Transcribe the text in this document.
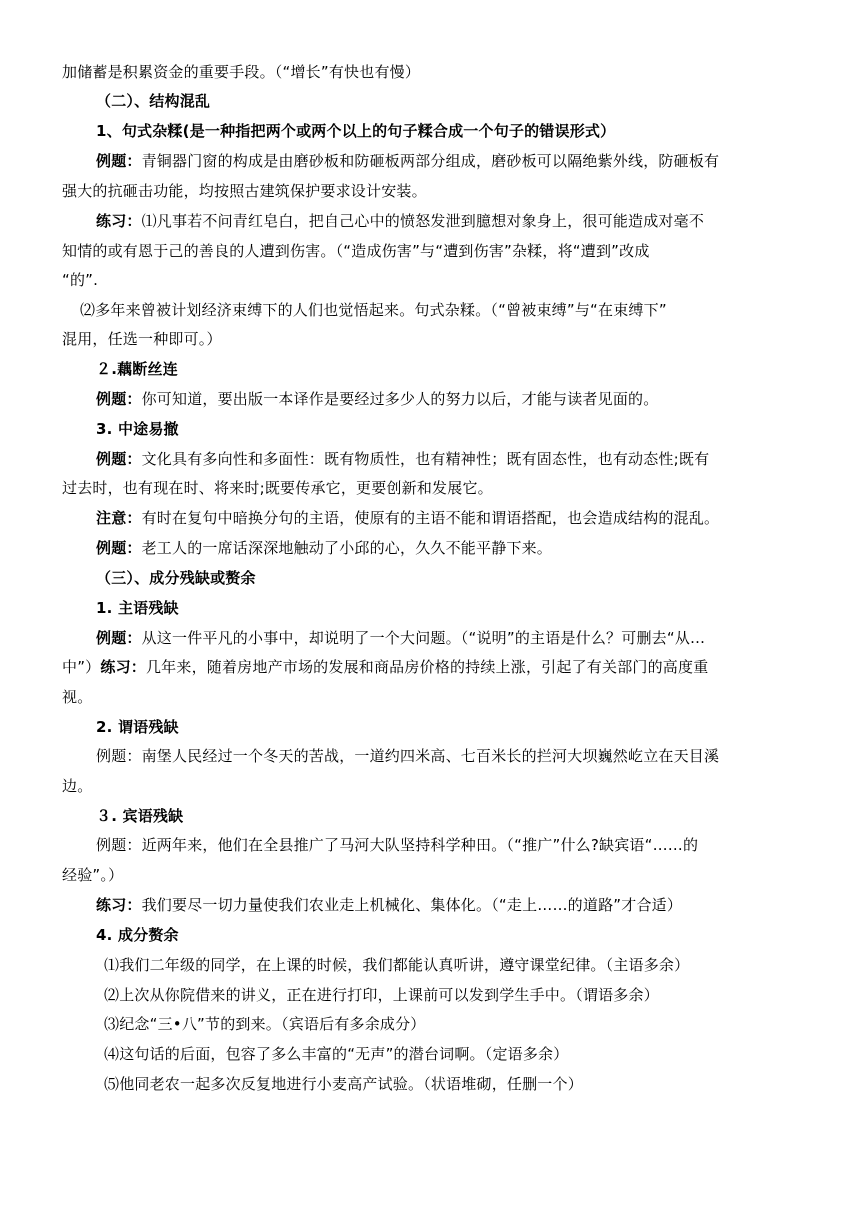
加储蓄是积累资金的重要手段。（“增长”有快也有慢）
（二）、结构混乱
1、句式杂糅(是一种指把两个或两个以上的句子糅合成一个句子的错误形式）
例题：青铜器门窗的构成是由磨砂板和防砸板两部分组成，磨砂板可以隔绝紫外线，防砸板有
强大的抗砸击功能，均按照古建筑保护要求设计安装。
练习：⑴凡事若不问青红皂白，把自己心中的愤怒发泄到臆想对象身上，很可能造成对毫不
知情的或有恩于己的善良的人遭到伤害。（“造成伤害”与“遭到伤害”杂糅，将“遭到”改成
“的”.
⑵多年来曾被计划经济束缚下的人们也觉悟起来。句式杂糅。（“曾被束缚”与“在束缚下”
混用，任选一种即可。）
２.藕断丝连
例题：你可知道，要出版一本译作是要经过多少人的努力以后，才能与读者见面的。
3. 中途易撤
例题：文化具有多向性和多面性：既有物质性，也有精神性；既有固态性，也有动态性;既有
过去时，也有现在时、将来时;既要传承它，更要创新和发展它。
注意：有时在复句中暗换分句的主语，使原有的主语不能和谓语搭配，也会造成结构的混乱。
例题：老工人的一席话深深地触动了小邱的心，久久不能平静下来。
（三）、成分残缺或赘余
1. 主语残缺
例题：从这一件平凡的小事中，却说明了一个大问题。（“说明”的主语是什么？可删去“从…
中”）练习：几年来，随着房地产市场的发展和商品房价格的持续上涨，引起了有关部门的高度重
视。
2. 谓语残缺
例题：南堡人民经过一个冬天的苦战，一道约四米高、七百米长的拦河大坝巍然屹立在天目溪
边。
３. 宾语残缺
例题：近两年来，他们在全县推广了马河大队坚持科学种田。（“推广”什么?缺宾语“……的
经验”。）
练习：我们要尽一切力量使我们农业走上机械化、集体化。（“走上……的道路”才合适）
4. 成分赘余
⑴我们二年级的同学，在上课的时候，我们都能认真听讲，遵守课堂纪律。（主语多余）
⑵上次从你院借来的讲义，正在进行打印，上课前可以发到学生手中。（谓语多余）
⑶纪念“三•八”节的到来。（宾语后有多余成分）
⑷这句话的后面，包容了多么丰富的“无声”的潜台词啊。（定语多余）
⑸他同老农一起多次反复地进行小麦高产试验。（状语堆砌，任删一个）
